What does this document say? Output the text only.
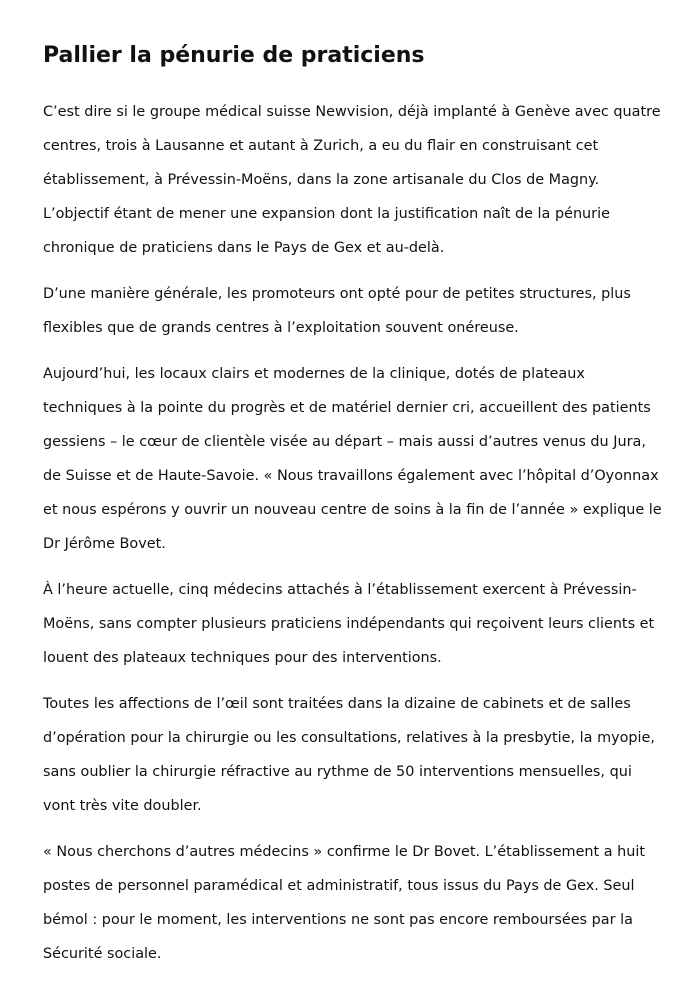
Pallier la pénurie de praticiens

C’est dire si le groupe médical suisse Newvision, déjà implanté à Genève avec quatre centres, trois à Lausanne et autant à Zurich, a eu du flair en construisant cet établissement, à Prévessin-Moëns, dans la zone artisanale du Clos de Magny. L’objectif étant de mener une expansion dont la justification naît de la pénurie chronique de praticiens dans le Pays de Gex et au-delà.

D’une manière générale, les promoteurs ont opté pour de petites structures, plus flexibles que de grands centres à l’exploitation souvent onéreuse.

Aujourd’hui, les locaux clairs et modernes de la clinique, dotés de plateaux techniques à la pointe du progrès et de matériel dernier cri, accueillent des patients gessiens – le cœur de clientèle visée au départ – mais aussi d’autres venus du Jura, de Suisse et de Haute-Savoie. « Nous travaillons également avec l’hôpital d’Oyonnax et nous espérons y ouvrir un nouveau centre de soins à la fin de l’année » explique le Dr Jérôme Bovet.

À l’heure actuelle, cinq médecins attachés à l’établissement exercent à Prévessin-Moëns, sans compter plusieurs praticiens indépendants qui reçoivent leurs clients et louent des plateaux techniques pour des interventions.

Toutes les affections de l’œil sont traitées dans la dizaine de cabinets et de salles d’opération pour la chirurgie ou les consultations, relatives à la presbytie, la myopie, sans oublier la chirurgie réfractive au rythme de 50 interventions mensuelles, qui vont très vite doubler.

« Nous cherchons d’autres médecins » confirme le Dr Bovet. L’établissement a huit postes de personnel paramédical et administratif, tous issus du Pays de Gex. Seul bémol : pour le moment, les interventions ne sont pas encore remboursées par la Sécurité sociale.
